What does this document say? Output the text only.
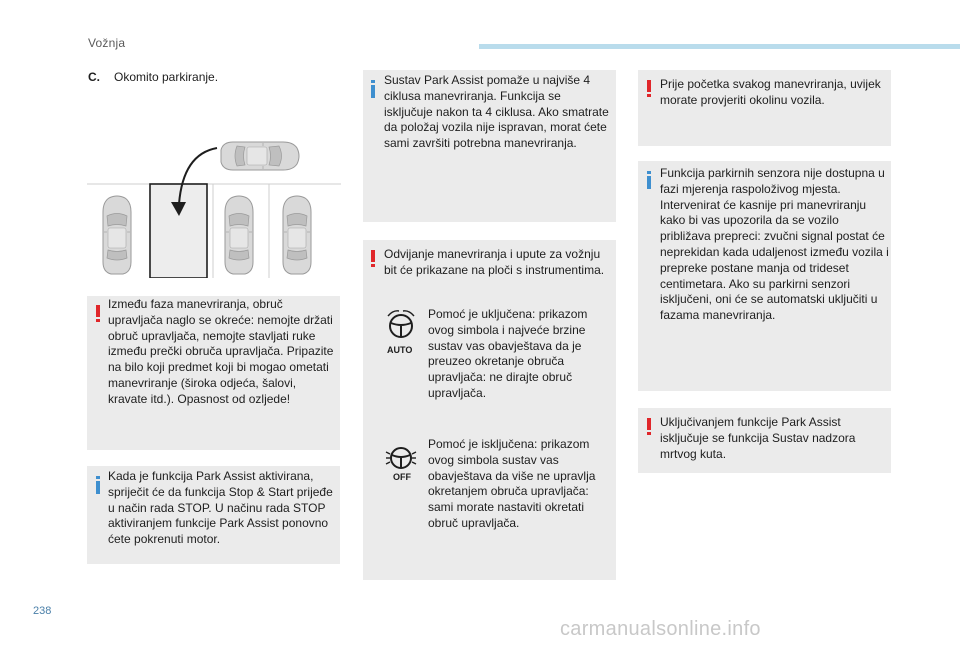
Vožnja
C. Okomito parkiranje.
Između faza manevriranja, obruč upravljača naglo se okreće: nemojte držati obruč upravljača, nemojte stavljati ruke između prečki obruča upravljača. Pripazite na bilo koji predmet koji bi mogao ometati manevriranje (široka odjeća, šalovi, kravate itd.). Opasnost od ozljede!
Kada je funkcija Park Assist aktivirana, spriječit će da funkcija Stop & Start prijeđe u način rada STOP. U načinu rada STOP aktiviranjem funkcije Park Assist ponovno ćete pokrenuti motor.
Sustav Park Assist pomaže u najviše 4 ciklusa manevriranja. Funkcija se isključuje nakon ta 4 ciklusa. Ako smatrate da položaj vozila nije ispravan, morat ćete sami završiti potrebna manevriranja.
Odvijanje manevriranja i upute za vožnju bit će prikazane na ploči s instrumentima.
AUTO
Pomoć je uključena: prikazom ovog simbola i najveće brzine sustav vas obavještava da je preuzeo okretanje obruča upravljača: ne dirajte obruč upravljača.
OFF
Pomoć je isključena: prikazom ovog simbola sustav vas obavještava da više ne upravlja okretanjem obruča upravljača: sami morate nastaviti okretati obruč upravljača.
Prije početka svakog manevriranja, uvijek morate provjeriti okolinu vozila.
Funkcija parkirnih senzora nije dostupna u fazi mjerenja raspoloživog mjesta. Intervenirat će kasnije pri manevriranju kako bi vas upozorila da se vozilo približava prepreci: zvučni signal postat će neprekidan kada udaljenost između vozila i prepreke postane manja od trideset centimetara. Ako su parkirni senzori isključeni, oni će se automatski uključiti u fazama manevriranja.
Uključivanjem funkcije Park Assist isključuje se funkcija Sustav nadzora mrtvog kuta.
238
carmanualsonline.info
